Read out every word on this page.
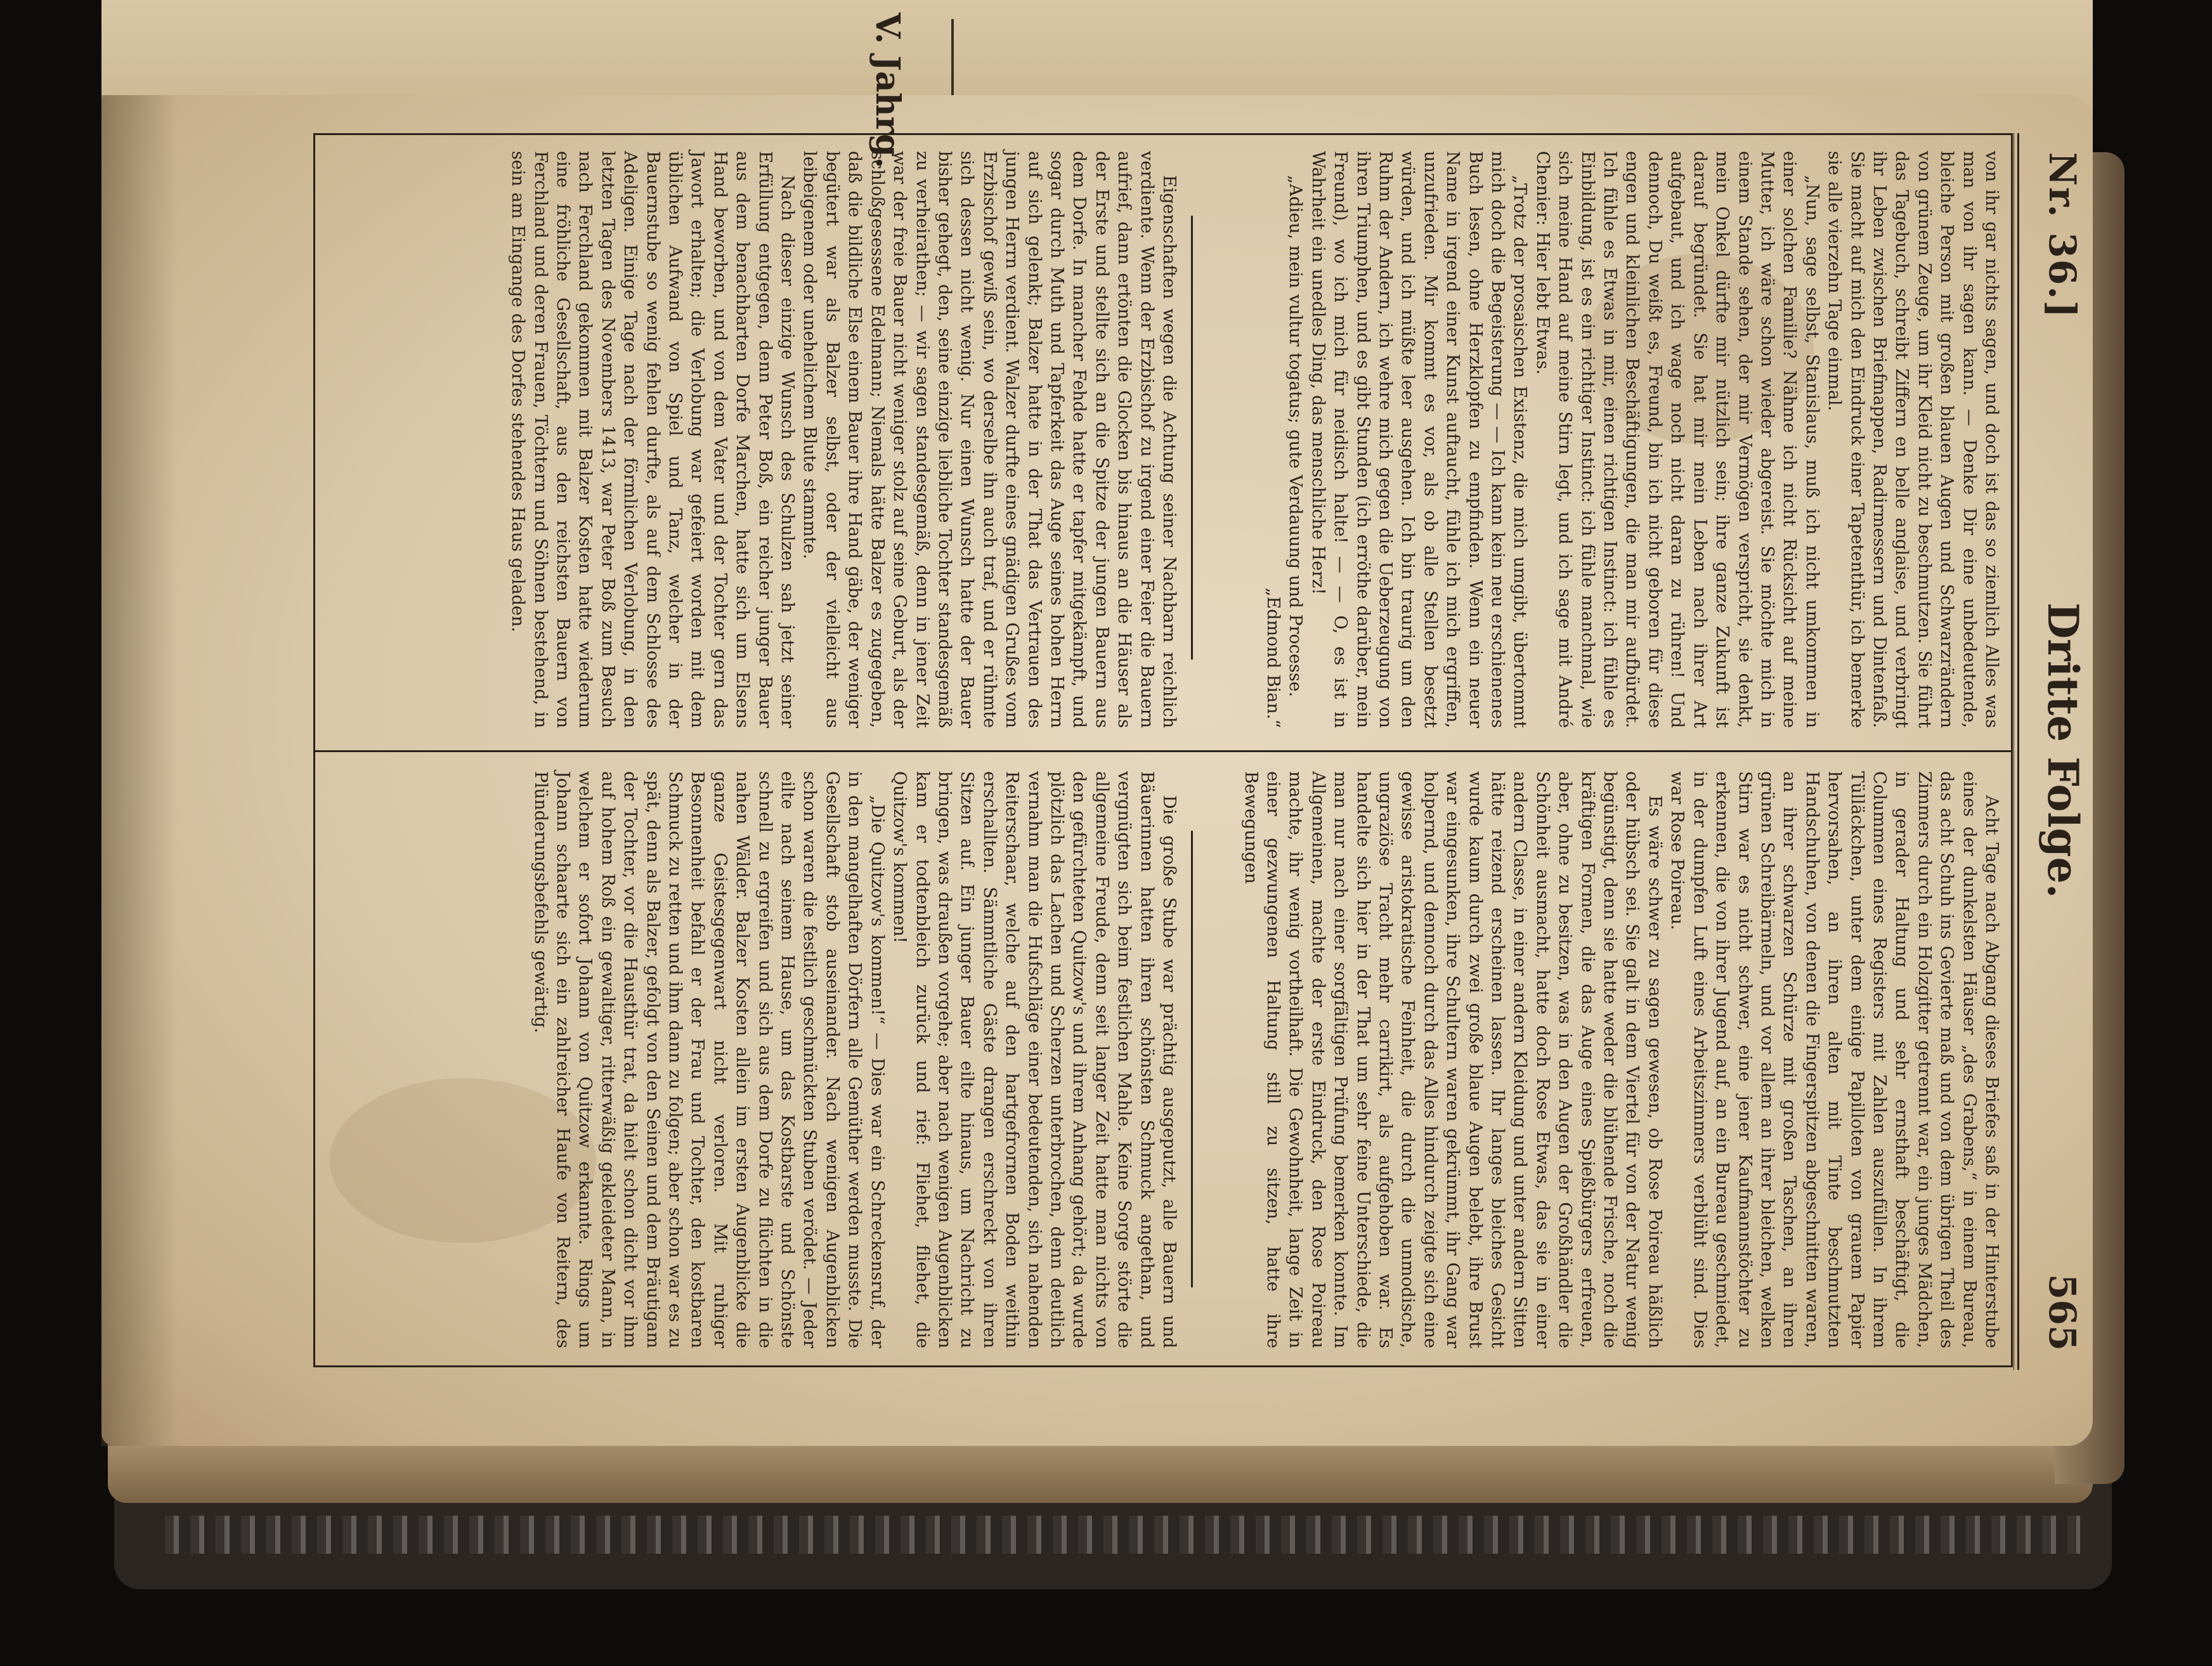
Nr. 36.]
Dritte Folge.
565

von ihr gar nichts sagen, und doch ist das so ziemlich Alles was man von ihr sagen kann. — Denke Dir eine unbedeutende, bleiche Person mit großen blauen Augen und Schwarzrändern von grünem Zeuge, um ihr Kleid nicht zu beschmutzen. Sie führt das Tagebuch, schreibt Ziffern en belle anglaise, und verbringt ihr Leben zwischen Briefmappen, Radirmessern und Dintenfaß. Sie macht auf mich den Eindruck einer Tapetenthür, ich bemerke sie alle vierzehn Tage einmal.

„Nun, sage selbst, Stanislaus, muß ich nicht umkommen in einer solchen Familie? Nähme ich nicht Rücksicht auf meine Mutter, ich wäre schon wieder abgereist. Sie möchte mich in einem Stande sehen, der mir Vermögen verspricht, sie denkt, mein Onkel dürfte mir nützlich sein; ihre ganze Zukunft ist darauf begründet. Sie hat mir mein Leben nach ihrer Art aufgebaut, und ich wage noch nicht daran zu rühren! Und dennoch, Du weißt es, Freund, bin ich nicht geboren für diese engen und kleinlichen Beschäftigungen, die man mir aufbürdet. Ich fühle es Etwas in mir, einen richtigen Instinct: ich fühle es Einbildung, ist es ein richtiger Instinct: ich fühle manchmal, wie sich meine Hand auf meine Stirn legt, und ich sage mit André Chenier: Hier lebt Etwas.

„Trotz der prosaischen Existenz, die mich umgibt, übertommt mich doch die Begeisterung — — Ich kann kein neu erschienenes Buch lesen, ohne Herzklopfen zu empfinden. Wenn ein neuer Name in irgend einer Kunst auftaucht, fühle ich mich ergriffen, unzufrieden. Mir kommt es vor, als ob alle Stellen besetzt würden, und ich müßte leer ausgehen. Ich bin traurig um den Ruhm der Andern, ich wehre mich gegen die Ueberzeugung von ihren Triumphen, und es gibt Stunden (ich erröthe darüber, mein Freund), wo ich mich für neidisch halte! — — O, es ist in Wahrheit ein unedles Ding, das menschliche Herz!

„Adieu, mein vultur togatus; gute Verdauung und Processe.

„Edmond Bian.“

Eigenschaften wegen die Achtung seiner Nachbarn reichlich verdiente. Wenn der Erzbischof zu irgend einer Feier die Bauern aufrief, dann ertönten die Glocken bis hinaus an die Häuser als der Erste und stellte sich an die Spitze der jungen Bauern aus dem Dorfe. In mancher Fehde hatte er tapfer mitgekämpft, und sogar durch Muth und Tapferkeit das Auge seines hohen Herrn auf sich gelenkt; Balzer hatte in der That das Vertrauen des jungen Herrn verdient. Walzer durfte eines gnädigen Grußes vom Erzbischof gewiß sein, wo derselbe ihn auch traf, und er rühmte sich dessen nicht wenig. Nur einen Wunsch hatte der Bauer bisher gehegt, den, seine einzige liebliche Tochter standesgemäß zu verheirathen; — wir sagen standesgemäß, denn in jener Zeit war der freie Bauer nicht weniger stolz auf seine Geburt, als der schloßgesessene Edelmann; Niemals hätte Balzer es zugegeben, daß die bildliche Else einem Bauer ihre Hand gäbe, der weniger begütert war als Balzer selbst, oder der vielleicht aus leibeigenem oder unehelichem Blute stammte.

Nach dieser einzige Wunsch des Schulzen sah jetzt seiner Erfüllung entgegen, denn Peter Boß, ein reicher junger Bauer aus dem benachbarten Dorfe Marchen, hatte sich um Elsens Hand beworben, und von dem Vater und der Tochter gern das Jawort erhalten; die Verlobung war gefeiert worden mit dem üblichen Aufwand von Spiel und Tanz, welcher in der Bauernstube so wenig fehlen durfte, als auf dem Schlosse des Adeligen. Einige Tage nach der förmlichen Verlobung, in den letzten Tagen des Novembers 1413, war Peter Boß zum Besuch nach Ferchland gekommen mit Balzer Kosten hatte wiederum eine fröhliche Gesellschaft, aus den reichsten Bauern von Ferchland und deren Frauen, Töchtern und Söhnen bestehend, in sein am Eingange des Dorfes stehendes Haus geladen.

Acht Tage nach Abgang dieses Briefes saß in der Hinterstube eines der dunkelsten Häuser „des Grabens,“ in einem Bureau, das acht Schuh ins Gevierte maß und von dem übrigen Theil des Zimmers durch ein Holzgitter getrennt war, ein junges Mädchen, in gerader Haltung und sehr ernsthaft beschäftigt, die Colummen eines Registers mit Zahlen auszufüllen. In ihrem Tülläckchen, unter dem einige Papilloten von grauem Papier hervorsahen, an ihren alten mit Tinte beschmutzten Handschuhen, von denen die Fingerspitzen abgeschnitten waren, an ihrer schwarzen Schürze mit großen Taschen, an ihren grünen Schreibärmeln, und vor allem an ihrer bleichen, welken Stirn war es nicht schwer, eine jener Kaufmannstöchter zu erkennen, die von ihrer Jugend auf, an ein Bureau geschmiedet, in der dumpfen Luft eines Arbeitszimmers verblüht sind. Dies war Rose Poireau.

Es wäre schwer zu sagen gewesen, ob Rose Poireau häßlich oder hübsch sei. Sie galt in dem Viertel für von der Natur wenig begünstigt, denn sie hatte weder die blühende Frische, noch die kräftigen Formen, die das Auge eines Spießbürgers erfreuen, aber, ohne zu besitzen, was in den Augen der Großhändler die Schönheit ausmacht, hatte doch Rose Etwas, das sie in einer andern Classe, in einer andern Kleidung und unter andern Sitten hätte reizend erscheinen lassen. Ihr langes bleiches Gesicht wurde kaum durch zwei große blaue Augen belebt, ihre Brust war eingesunken, ihre Schultern waren gekrümmt, ihr Gang war holpernd, und dennoch durch das Alles hindurch zeigte sich eine gewisse aristokratische Feinheit, die durch die unmodische, ungraziöse Tracht mehr carrikirt, als aufgehoben war. Es handelte sich hier in der That um sehr feine Unterschiede, die man nur nach einer sorgfältigen Prüfung bemerken konnte. Im Allgemeinen, machte der erste Eindruck, den Rose Poireau machte, ihr wenig vortheilhaft. Die Gewohnheit, lange Zeit in einer gezwungenen Haltung still zu sitzen, hatte ihre Bewegungen

Die große Stube war prächtig ausgeputzt, alle Bauern und Bäuerinnen hatten ihren schönsten Schmuck angethan, und vergnügten sich beim festlichen Mahle. Keine Sorge störte die allgemeine Freude, denn seit langer Zeit hatte man nichts von den gefürchteten Quitzow's und ihrem Anhang gehört; da wurde plötzlich das Lachen und Scherzen unterbrochen, denn deutlich vernahm man die Hufschläge einer bedeutenden, sich nahenden Reiterschaar, welche auf den hartgefrornen Boden weithin erschallten. Sämmtliche Gäste drangen erschreckt von ihren Sitzen auf. Ein junger Bauer eilte hinaus, um Nachricht zu bringen, was draußen vorgehe; aber nach wenigen Augenblicken kam er todtenbleich zurück und rief: Fliehet, fliehet, die Quitzow's kommen!

„Die Quitzow's kommen!“ — Dies war ein Schreckensruf, der in den mangelhaften Dörfern alle Gemüther werden musste. Die Gesellschaft stob auseinander. Nach wenigen Augenblicken schon waren die festlich geschmückten Stuben verödet. — Jeder eilte nach seinem Hause, um das Kostbarste und Schönste schnell zu ergreifen und sich aus dem Dorfe zu flüchten in die nahen Wälder. Balzer Kosten allein im ersten Augenblicke die ganze Geistesgegenwart nicht verloren. Mit ruhiger Besonnenheit befahl er der Frau und Tochter, den kostbaren Schmuck zu retten und ihm dann zu folgen; aber schon war es zu spät, denn als Balzer, gefolgt von den Seinen und dem Bräutigam der Tochter, vor die Hausthür trat, da hielt schon dicht vor ihm auf hohem Roß ein gewaltiger, ritterwäßig gekleideter Mann, in welchem er sofort Johann von Quitzow erkannte. Rings um Johann schaarte sich ein zahlreicher Haufe von Reitern, des Plünderungsbefehls gewärtig.

V. Jahrg.
